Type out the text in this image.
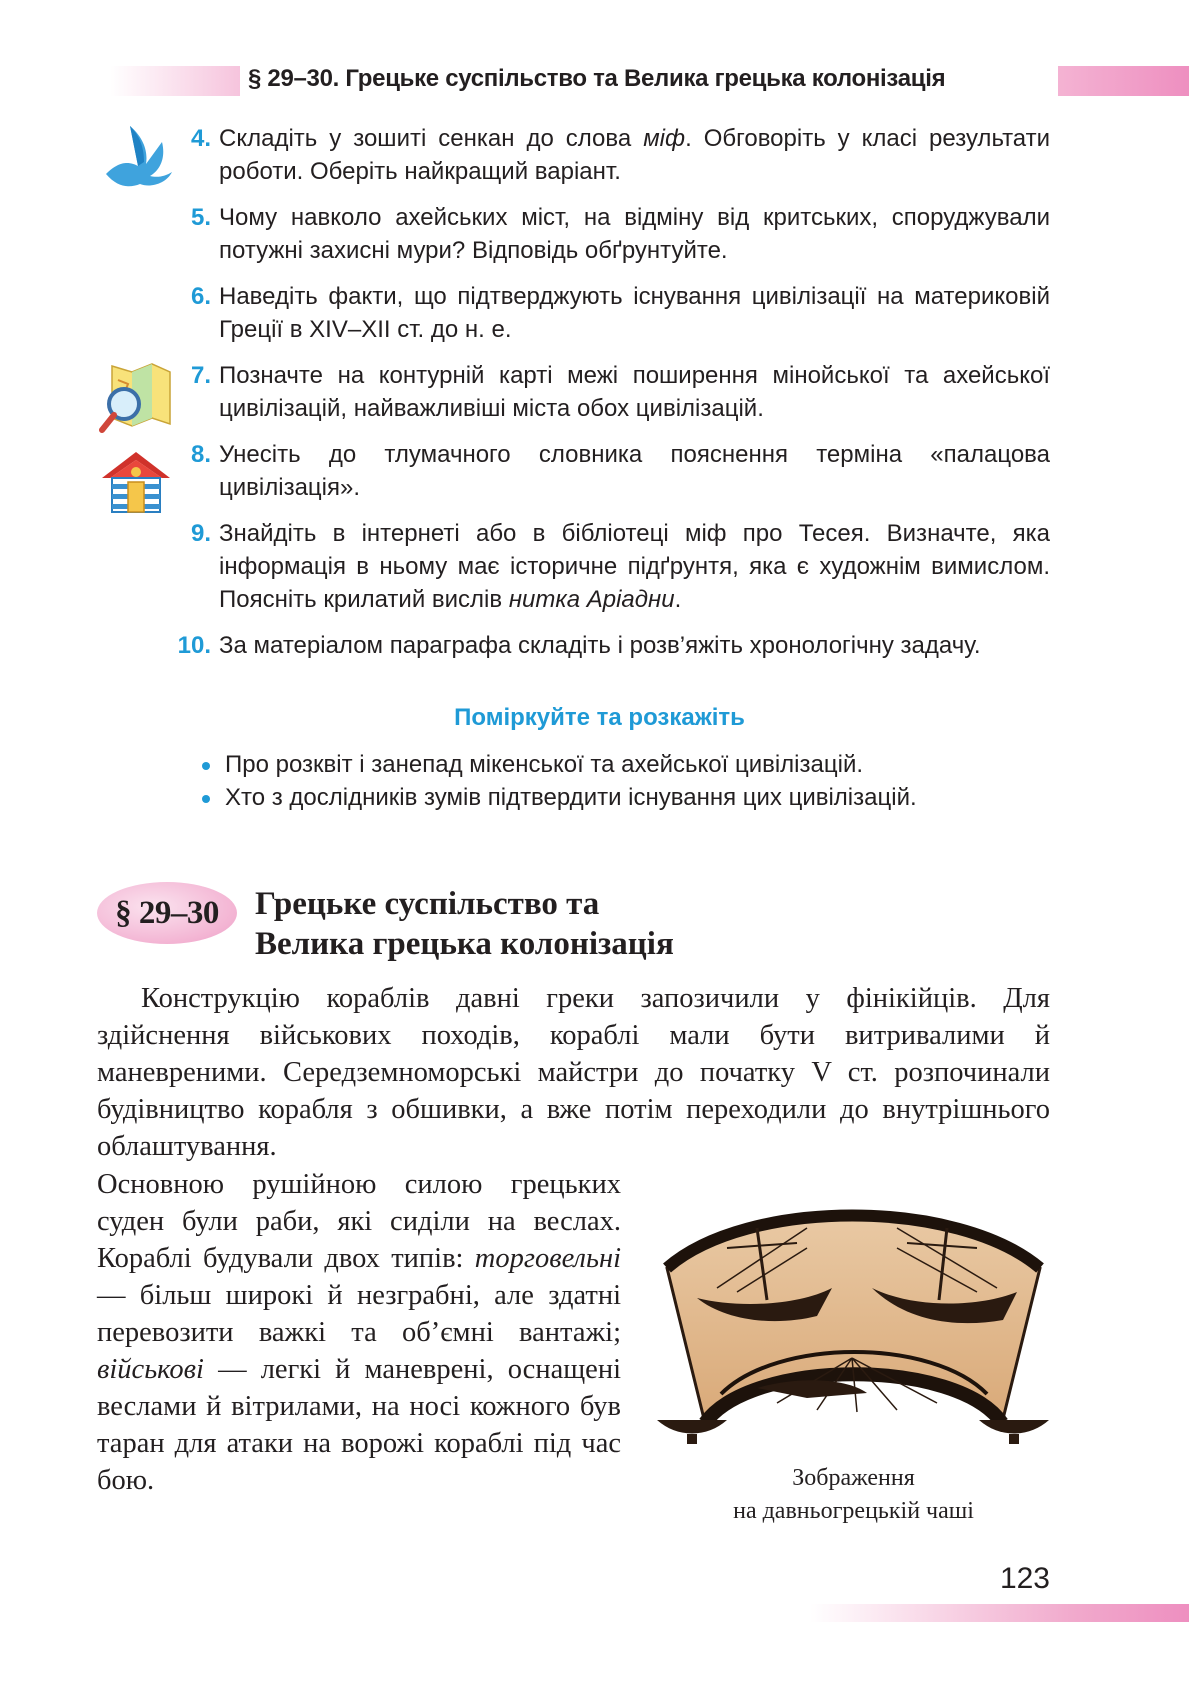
§ 29–30. Грецьке суспільство та Велика грецька колонізація
4. Складіть у зошиті сенкан до слова міф. Обговоріть у класі результати роботи. Оберіть найкращий варіант.
5. Чому навколо ахейських міст, на відміну від критських, споруджували потужні захисні мури? Відповідь обґрунтуйте.
6. Наведіть факти, що підтверджують існування цивілізації на материковій Греції в XIV–XII ст. до н. е.
7. Позначте на контурній карті межі поширення мінойської та ахейської цивілізацій, найважливіші міста обох цивілізацій.
8. Унесіть до тлумачного словника пояснення терміна «палацова цивілізація».
9. Знайдіть в інтернеті або в бібліотеці міф про Тесея. Визначте, яка інформація в ньому має історичне підґрунтя, яка є художнім вимислом. Поясніть крилатий вислів нитка Аріадни.
10. За матеріалом параграфа складіть і розв’яжіть хронологічну задачу.
Поміркуйте та розкажіть
Про розквіт і занепад мікенської та ахейської цивілізацій.
Хто з дослідників зумів підтвердити існування цих цивілізацій.
§ 29–30	Грецьке суспільство та
Велика грецька колонізація

Конструкцію кораблів давні греки запозичили у фінікійців. Для здійснення військових походів, кораблі мали бути витривалими й маневреними. Середземноморські майстри до початку V ст. розпочинали будівництво корабля з обшивки, а вже потім переходили до внутрішнього облаштування.

Основною рушійною силою грецьких суден були раби, які сиділи на веслах. Кораблі будували двох типів: торговельні — більш широкі й незграбні, але здатні перевозити важкі та об’ємні вантажі; військові — легкі й маневрені, оснащені веслами й вітрилами, на носі кожного був таран для атаки на ворожі кораблі під час бою.	Зображення
на давньогрецькій чаші
123
